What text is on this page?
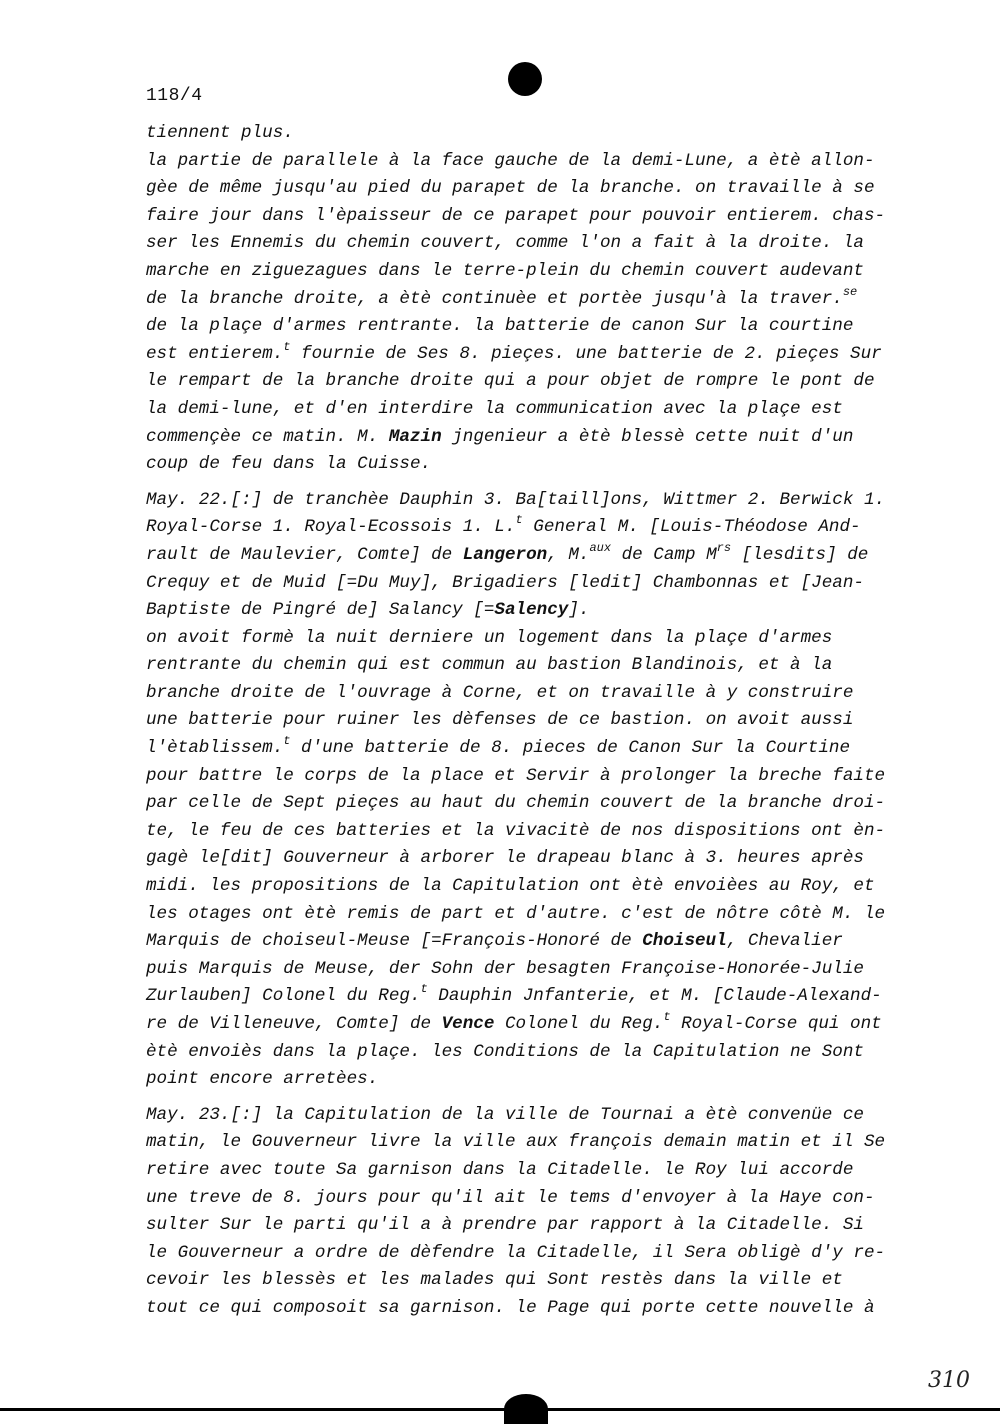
118/4
tiennent plus.
la partie de parallele à la face gauche de la demi-Lune, a ètè allon-
gèe de même jusqu'au pied du parapet de la branche. on travaille à se
faire jour dans l'èpaisseur de ce parapet pour pouvoir entierem. chas-
ser les Ennemis du chemin couvert, comme l'on a fait à la droite. la
marche en ziguezagues dans le terre-plein du chemin couvert audevant
de la branche droite, a ètè continuèe et portèe jusqu'à la traver.$^{se}$
de la plaçe d'armes rentrante. la batterie de canon Sur la courtine
est entierem.$^t$ fournie de Ses 8. pieçes. une batterie de 2. pieçes Sur
le rempart de la branche droite qui a pour objet de rompre le pont de
la demi-lune, et d'en interdire la communication avec la plaçe est
commençèe ce matin. M. Mazin jngenieur a ètè blessè cette nuit d'un
coup de feu dans la Cuisse.
May. 22.[:] de tranchèe Dauphin 3. Ba[taill]ons, Wittmer 2. Berwick 1.
Royal-Corse 1. Royal-Ecossois 1. L.$^t$ General M. [Louis-Théodose And-
rault de Maulevier, Comte] de Langeron, M.$^{aux}$ de Camp $M^{rs}$ [lesdits] de
Crequy et de Muid [=Du Muy], Brigadiers [ledit] Chambonnas et [Jean-
Baptiste de Pingré de] Salancy [=Salency].
on avoit formè la nuit derniere un logement dans la plaçe d'armes
rentrante du chemin qui est commun au bastion Blandinois, et à la
branche droite de l'ouvrage à Corne, et on travaille à y construire
une batterie pour ruiner les dèfenses de ce bastion. on avoit aussi
l'ètablissem.$^t$ d'une batterie de 8. pieces de Canon Sur la Courtine
pour battre le corps de la place et Servir à prolonger la breche faite
par celle de Sept pieçes au haut du chemin couvert de la branche droi-
te, le feu de ces batteries et la vivacitè de nos dispositions ont èn-
gagè le[dit] Gouverneur à arborer le drapeau blanc à 3. heures après
midi. les propositions de la Capitulation ont ètè envoièes au Roy, et
les otages ont ètè remis de part et d'autre. c'est de nôtre côtè M. le
Marquis de choiseul-Meuse [=François-Honoré de Choiseul, Chevalier
puis Marquis de Meuse, der Sohn der besagten Françoise-Honorée-Julie
Zurlauben] Colonel du Reg.$^t$ Dauphin Jnfanterie, et M. [Claude-Alexand-
re de Villeneuve, Comte] de Vence Colonel du Reg.$^t$ Royal-Corse qui ont
ètè envoiès dans la plaçe. les Conditions de la Capitulation ne Sont
point encore arretèes.
May. 23.[:] la Capitulation de la ville de Tournai a ètè convenüe ce
matin, le Gouverneur livre la ville aux françois demain matin et il Se
retire avec toute Sa garnison dans la Citadelle. le Roy lui accorde
une treve de 8. jours pour qu'il ait le tems d'envoyer à la Haye con-
sulter Sur le parti qu'il a à prendre par rapport à la Citadelle. Si
le Gouverneur a ordre de dèfendre la Citadelle, il Sera obligè d'y re-
cevoir les blessès et les malades qui Sont restès dans la ville et
tout ce qui composoit sa garnison. le Page qui porte cette nouvelle à
310
